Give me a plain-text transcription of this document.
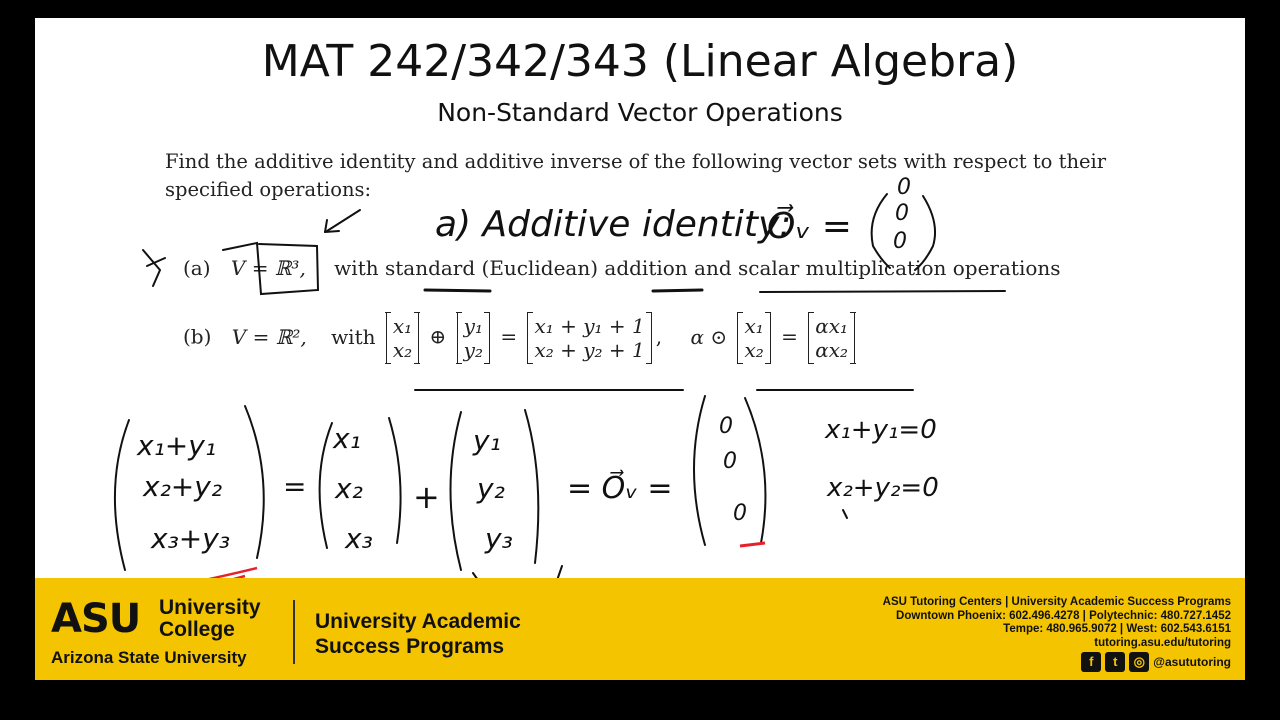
MAT 242/342/343 (Linear Algebra)
Non-Standard Vector Operations
Find the additive identity and additive inverse of the following vector sets with respect to their specified operations:
(a) V = ℝ³, with standard (Euclidean) addition and scalar multiplication operations
(b) V = ℝ², with x₁
x₂
⊕ y₁
y₂
= x₁ + y₁ + 1
x₂ + y₂ + 1
, α ⊙ x₁
x₂
= αx₁
αx₂
a) Additive identity:
O⃗ᵥ =
0
0
0
x₁+y₁
x₂+y₂
x₃+y₃
=
x₁
x₂
x₃
+
y₁
y₂
y₃
= O⃗ᵥ =
0
0
0
x₁+y₁=0
x₂+y₂=0
ASU University
College
Arizona State University
University Academic
Success Programs
ASU Tutoring Centers | University Academic Success Programs
Downtown Phoenix: 602.496.4278 | Polytechnic: 480.727.1452
Tempe: 480.965.9072 | West: 602.543.6151
tutoring.asu.edu/tutoring
f	t	◎ @asututoring
